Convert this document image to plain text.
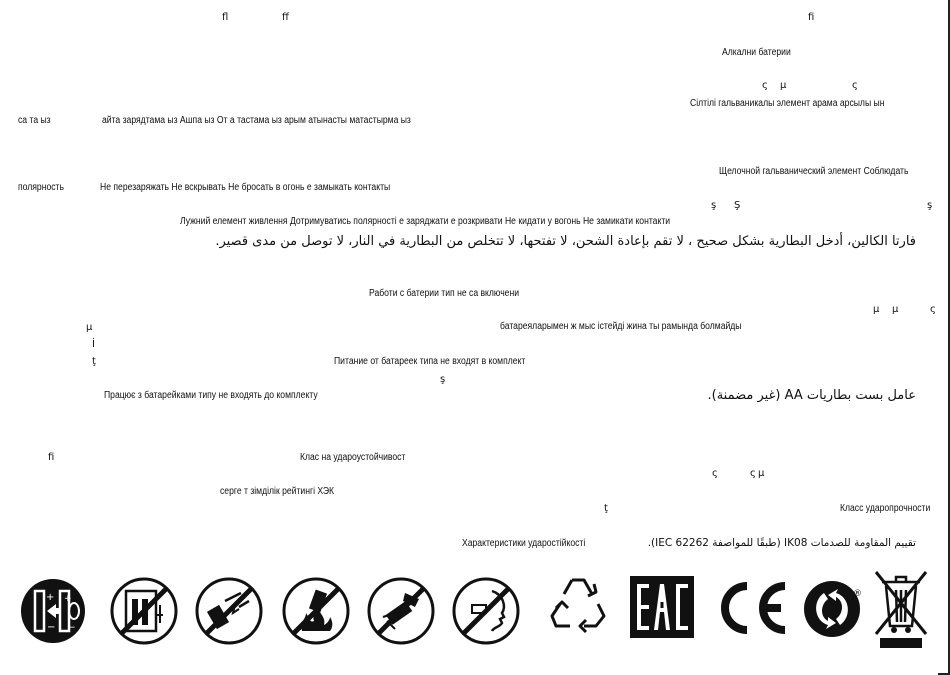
fl	ff	fi
Алкални батерии
ς μ	ς
Сілтілі гальваникалы элемент арама арсылы ын
са та ыз	айта зарядтама ыз Ашпа ыз От а тастама ыз арым атынасты матастырма ыз
Щелочной гальванический элемент Соблюдать
полярность	Не перезаряжать Не вскрывать Не бросать в огонь е замыкать контакты
ş Ş	ş
Лужний елемент живлення Дотримуватись полярності е заряджати е розкривати Не кидати у вогонь Не замикати контакти
فارتا الكالين، أدخل البطارية بشكل صحيح ، لا تقم بإعادة الشحن، لا تفتحها، لا تتخلص من البطارية في النار، لا توصل من مدى قصير.
Работи с батерии тип не са включени
μ μ	ς
μ	батареяларымен ж мыс істейді жина ты рамында болмайды
İ
ţ	Питание от батареек типа не входят в комплект
ş
Працює з батарейками типу не входять до комплекту	عامل بست بطاريات AA (غير مضمنة).
fi	Клас на удароустойчивост
ς	ς μ
серге т зімділік рейтингі ХЭК
ţ	Класс ударопрочности
Характеристики ударостійкості	تقييم المقاومة للصدمات IK08 (طبقًا للمواصفة IEC 62262).
+ +
− −
®
